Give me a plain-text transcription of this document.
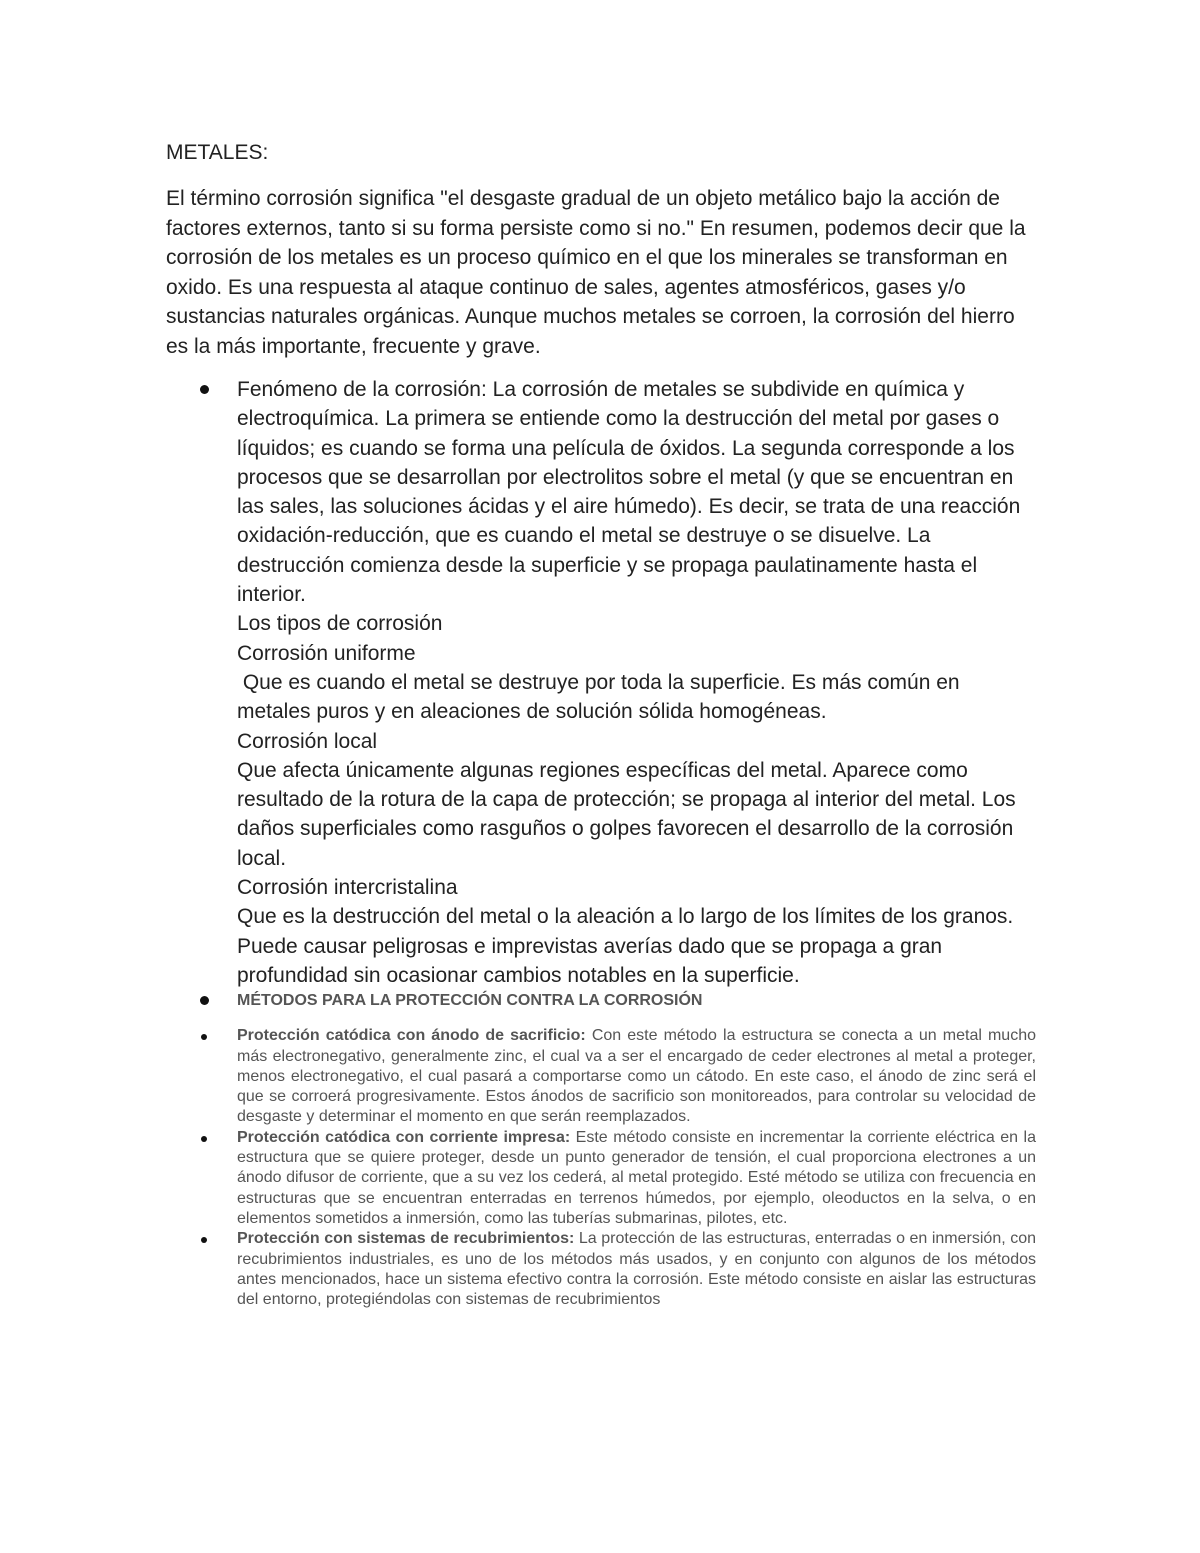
METALES:
El término corrosión significa "el desgaste gradual de un objeto metálico bajo la acción de factores externos, tanto si su forma persiste como si no." En resumen, podemos decir que la corrosión de los metales es un proceso químico en el que los minerales se transforman en oxido. Es una respuesta al ataque continuo de sales, agentes atmosféricos, gases y/o sustancias naturales orgánicas. Aunque muchos metales se corroen, la corrosión del hierro es la más importante, frecuente y grave.
Fenómeno de la corrosión: La corrosión de metales se subdivide en química y electroquímica. La primera se entiende como la destrucción del metal por gases o líquidos; es cuando se forma una película de óxidos. La segunda corresponde a los procesos que se desarrollan por electrolitos sobre el metal (y que se encuentran en las sales, las soluciones ácidas y el aire húmedo). Es decir, se trata de una reacción oxidación-reducción, que es cuando el metal se destruye o se disuelve. La destrucción comienza desde la superficie y se propaga paulatinamente hasta el interior.
Los tipos de corrosión
Corrosión uniforme
Que es cuando el metal se destruye por toda la superficie. Es más común en metales puros y en aleaciones de solución sólida homogéneas.
Corrosión local
Que afecta únicamente algunas regiones específicas del metal. Aparece como resultado de la rotura de la capa de protección; se propaga al interior del metal. Los daños superficiales como rasguños o golpes favorecen el desarrollo de la corrosión local.
Corrosión intercristalina
Que es la destrucción del metal o la aleación a lo largo de los límites de los granos. Puede causar peligrosas e imprevistas averías dado que se propaga a gran profundidad sin ocasionar cambios notables en la superficie.
MÉTODOS PARA LA PROTECCIÓN CONTRA LA CORROSIÓN
Protección catódica con ánodo de sacrificio: Con este método la estructura se conecta a un metal mucho más electronegativo, generalmente zinc, el cual va a ser el encargado de ceder electrones al metal a proteger, menos electronegativo, el cual pasará a comportarse como un cátodo. En este caso, el ánodo de zinc será el que se corroerá progresivamente. Estos ánodos de sacrificio son monitoreados, para controlar su velocidad de desgaste y determinar el momento en que serán reemplazados.
Protección catódica con corriente impresa: Este método consiste en incrementar la corriente eléctrica en la estructura que se quiere proteger, desde un punto generador de tensión, el cual proporciona electrones a un ánodo difusor de corriente, que a su vez los cederá, al metal protegido. Esté método se utiliza con frecuencia en estructuras que se encuentran enterradas en terrenos húmedos, por ejemplo, oleoductos en la selva, o en elementos sometidos a inmersión, como las tuberías submarinas, pilotes, etc.
Protección con sistemas de recubrimientos: La protección de las estructuras, enterradas o en inmersión, con recubrimientos industriales, es uno de los métodos más usados, y en conjunto con algunos de los métodos antes mencionados, hace un sistema efectivo contra la corrosión. Este método consiste en aislar las estructuras del entorno, protegiéndolas con sistemas de recubrimientos
